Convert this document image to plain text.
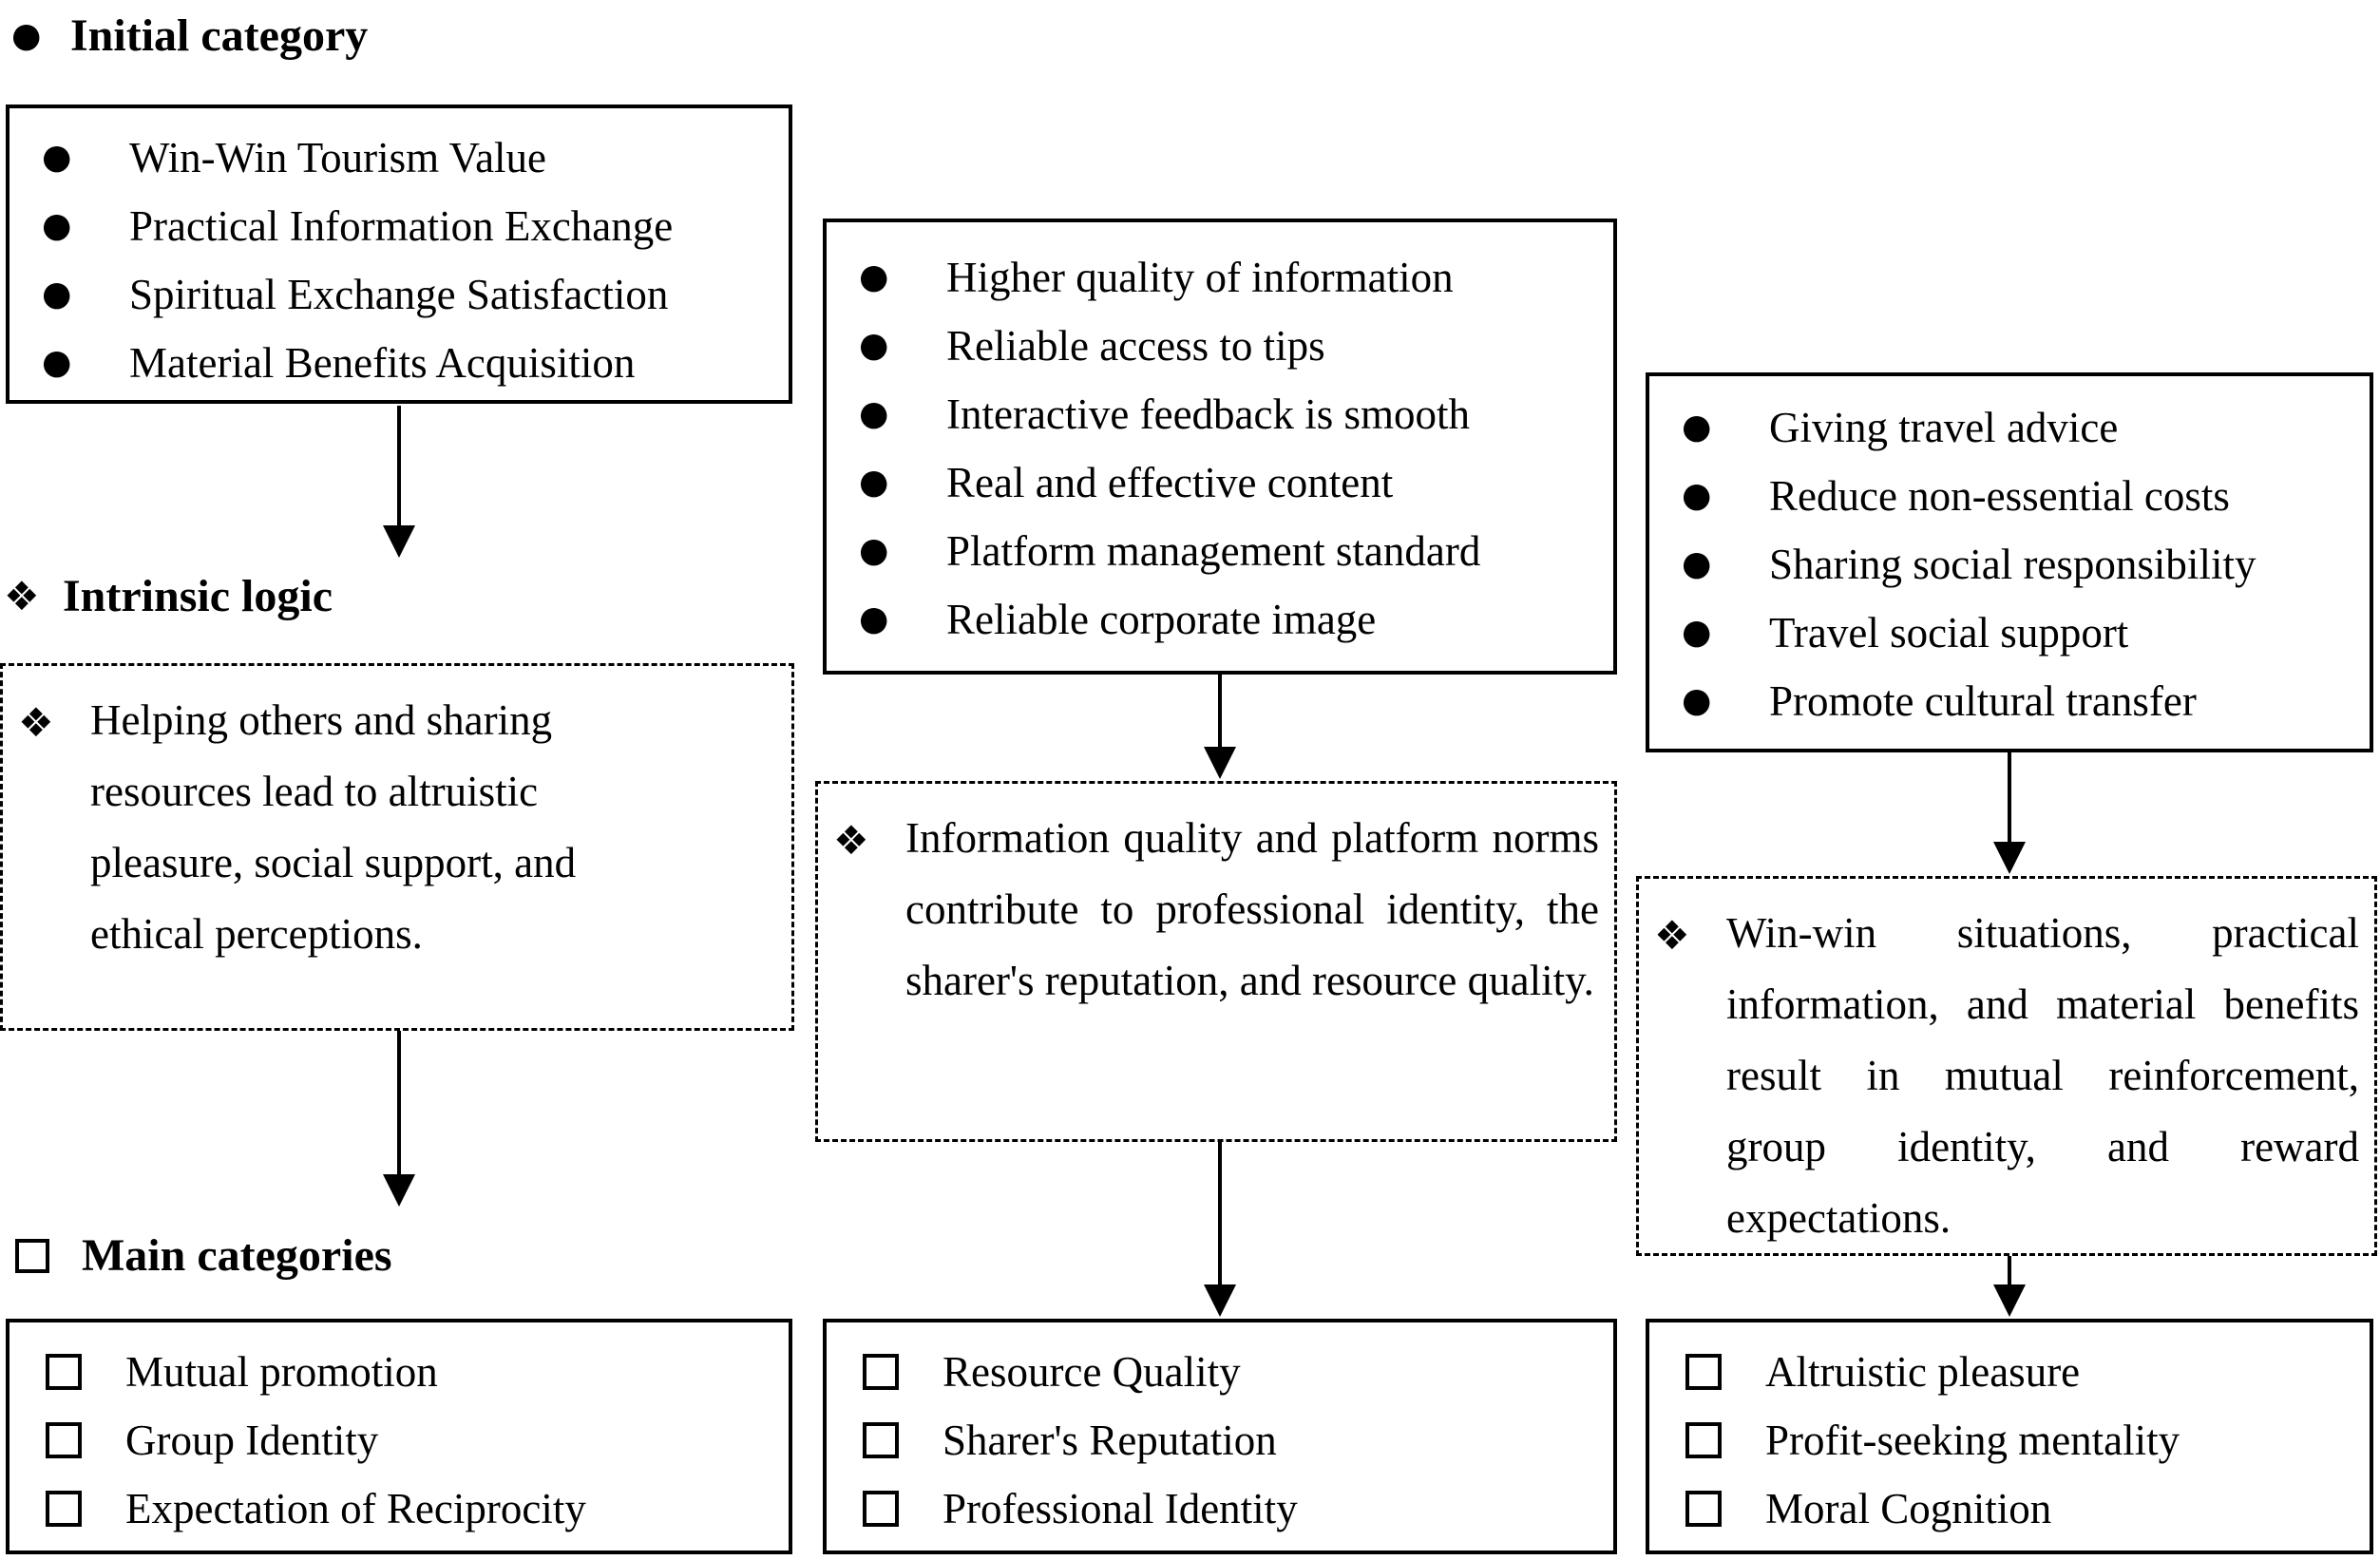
● Initial category
●	Win-Win Tourism Value
●	Practical Information Exchange
●	Spiritual Exchange Satisfaction
●	Material Benefits Acquisition
❖ Intrinsic logic
❖ Helping others and sharing resources lead to altruistic pleasure, social support, and ethical perceptions.
Main categories
Mutual promotion
Group Identity
Expectation of Reciprocity
●	Higher quality of information
●	Reliable access to tips
●	Interactive feedback is smooth
●	Real and effective content
●	Platform management standard
●	Reliable corporate image
❖ Information quality and platform norms contribute to professional identity, the sharer's reputation, and resource quality.
Resource Quality
Sharer's Reputation
Professional Identity
●	Giving travel advice
●	Reduce non-essential costs
●	Sharing social responsibility
●	Travel social support
●	Promote cultural transfer
❖ Win-win situations, practical information, and material benefits result in mutual reinforcement, group identity, and reward expectations.
Altruistic pleasure
Profit-seeking mentality
Moral Cognition
